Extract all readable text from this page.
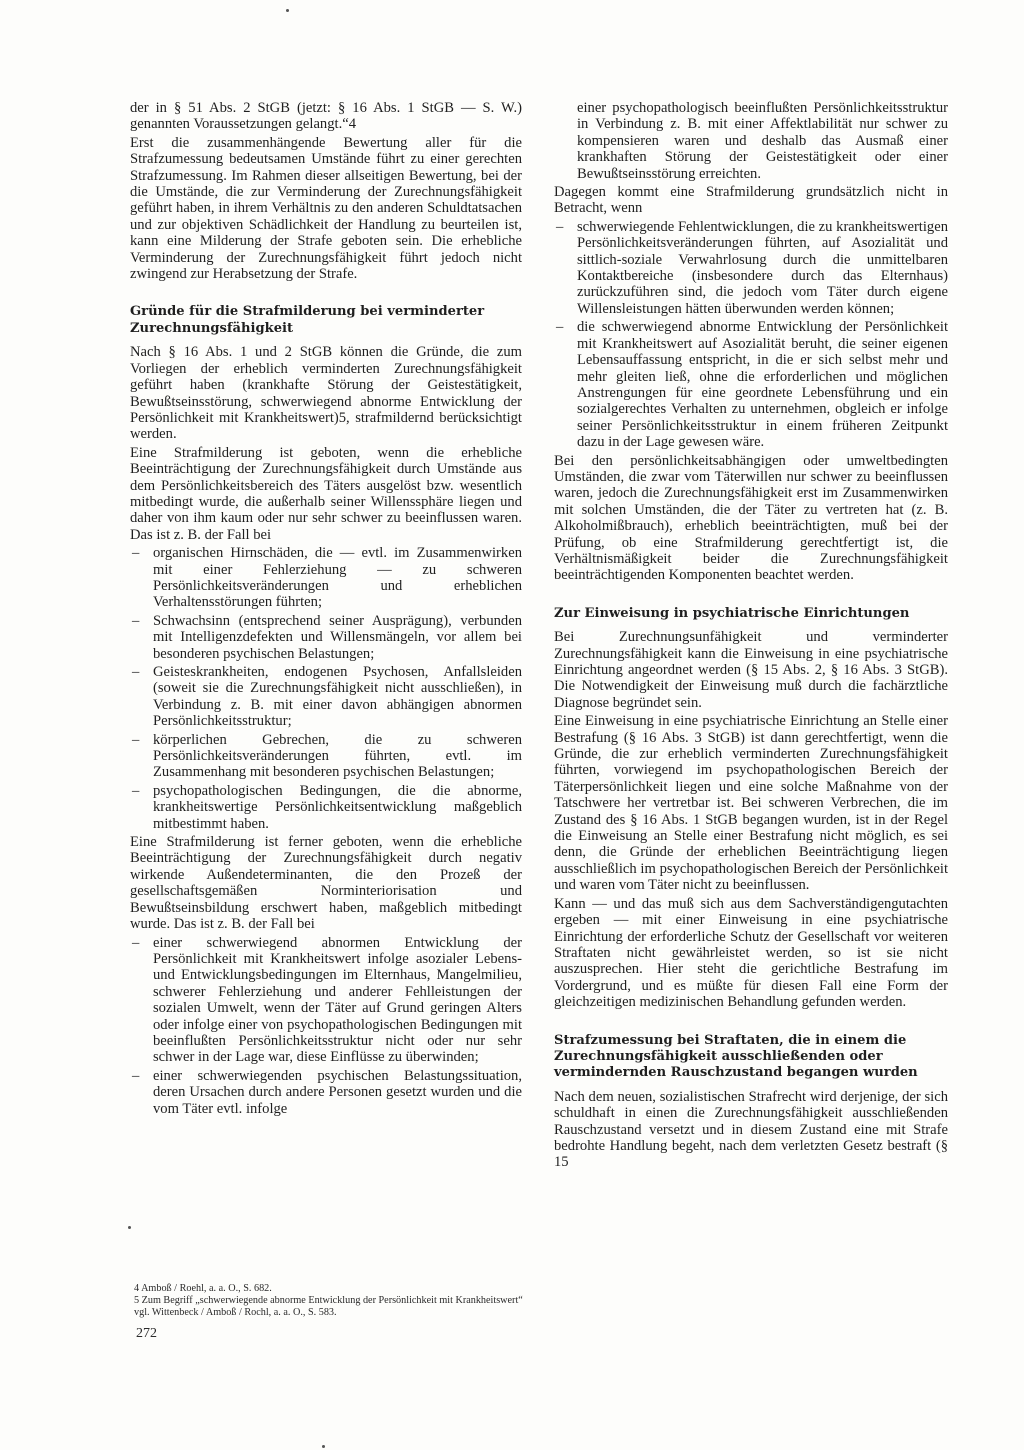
der in § 51 Abs. 2 StGB (jetzt: § 16 Abs. 1 StGB — S. W.) genannten Voraussetzungen gelangt.“4

Erst die zusammenhängende Bewertung aller für die Strafzumessung bedeutsamen Umstände führt zu einer gerechten Strafzumessung. Im Rahmen dieser allseitigen Bewertung, bei der die Umstände, die zur Verminderung der Zurechnungsfähigkeit geführt haben, in ihrem Verhältnis zu den anderen Schuldtatsachen und zur objektiven Schädlichkeit der Handlung zu beurteilen ist, kann eine Milderung der Strafe geboten sein. Die erhebliche Verminderung der Zurechnungsfähigkeit führt jedoch nicht zwingend zur Herabsetzung der Strafe.

Gründe für die Strafmilderung bei verminderter Zurechnungsfähigkeit

Nach § 16 Abs. 1 und 2 StGB können die Gründe, die zum Vorliegen der erheblich verminderten Zurechnungsfähigkeit geführt haben (krankhafte Störung der Geistestätigkeit, Bewußtseinsstörung, schwerwiegend abnorme Entwicklung der Persönlichkeit mit Krankheitswert)5, strafmildernd berücksichtigt werden.

Eine Strafmilderung ist geboten, wenn die erhebliche Beeinträchtigung der Zurechnungsfähigkeit durch Umstände aus dem Persönlichkeitsbereich des Täters ausgelöst bzw. wesentlich mitbedingt wurde, die außerhalb seiner Willenssphäre liegen und daher von ihm kaum oder nur sehr schwer zu beeinflussen waren. Das ist z. B. der Fall bei

– organischen Hirnschäden, die — evtl. im Zusammenwirken mit einer Fehlerziehung — zu schweren Persönlichkeitsveränderungen und erheblichen Verhaltensstörungen führten;
– Schwachsinn (entsprechend seiner Ausprägung), verbunden mit Intelligenzdefekten und Willensmängeln, vor allem bei besonderen psychischen Belastungen;
– Geisteskrankheiten, endogenen Psychosen, Anfallsleiden (soweit sie die Zurechnungsfähigkeit nicht ausschließen), in Verbindung z. B. mit einer davon abhängigen abnormen Persönlichkeitsstruktur;
– körperlichen Gebrechen, die zu schweren Persönlichkeitsveränderungen führten, evtl. im Zusammenhang mit besonderen psychischen Belastungen;
– psychopathologischen Bedingungen, die die abnorme, krankheitswertige Persönlichkeitsentwicklung maßgeblich mitbestimmt haben.

Eine Strafmilderung ist ferner geboten, wenn die erhebliche Beeinträchtigung der Zurechnungsfähigkeit durch negativ wirkende Außendeterminanten, die den Prozeß der gesellschaftsgemäßen Norminteriorisation und Bewußtseinsbildung erschwert haben, maßgeblich mitbedingt wurde. Das ist z. B. der Fall bei

– einer schwerwiegend abnormen Entwicklung der Persönlichkeit mit Krankheitswert infolge asozialer Lebens- und Entwicklungsbedingungen im Elternhaus, Mangelmilieu, schwerer Fehlerziehung und anderer Fehlleistungen der sozialen Umwelt, wenn der Täter auf Grund geringen Alters oder infolge einer von psychopathologischen Bedingungen mit beeinflußten Persönlichkeitsstruktur nicht oder nur sehr schwer in der Lage war, diese Einflüsse zu überwinden;
– einer schwerwiegenden psychischen Belastungssituation, deren Ursachen durch andere Personen gesetzt wurden und die vom Täter evtl. infolge

einer psychopathologisch beeinflußten Persönlichkeitsstruktur in Verbindung z. B. mit einer Affektlabilität nur schwer zu kompensieren waren und deshalb das Ausmaß einer krankhaften Störung der Geistestätigkeit oder einer Bewußtseinsstörung erreichten.

Dagegen kommt eine Strafmilderung grundsätzlich nicht in Betracht, wenn

– schwerwiegende Fehlentwicklungen, die zu krankheitswertigen Persönlichkeitsveränderungen führten, auf Asozialität und sittlich-soziale Verwahrlosung durch die unmittelbaren Kontaktbereiche (insbesondere durch das Elternhaus) zurückzuführen sind, die jedoch vom Täter durch eigene Willensleistungen hätten überwunden werden können;
– die schwerwiegend abnorme Entwicklung der Persönlichkeit mit Krankheitswert auf Asozialität beruht, die seiner eigenen Lebensauffassung entspricht, in die er sich selbst mehr und mehr gleiten ließ, ohne die erforderlichen und möglichen Anstrengungen für eine geordnete Lebensführung und ein sozialgerechtes Verhalten zu unternehmen, obgleich er infolge seiner Persönlichkeitsstruktur in einem früheren Zeitpunkt dazu in der Lage gewesen wäre.

Bei den persönlichkeitsabhängigen oder umweltbedingten Umständen, die zwar vom Täterwillen nur schwer zu beeinflussen waren, jedoch die Zurechnungsfähigkeit erst im Zusammenwirken mit solchen Umständen, die der Täter zu vertreten hat (z. B. Alkoholmißbrauch), erheblich beeinträchtigten, muß bei der Prüfung, ob eine Strafmilderung gerechtfertigt ist, die Verhältnismäßigkeit beider die Zurechnungsfähigkeit beeinträchtigenden Komponenten beachtet werden.

Zur Einweisung in psychiatrische Einrichtungen

Bei Zurechnungsunfähigkeit und verminderter Zurechnungsfähigkeit kann die Einweisung in eine psychiatrische Einrichtung angeordnet werden (§ 15 Abs. 2, § 16 Abs. 3 StGB). Die Notwendigkeit der Einweisung muß durch die fachärztliche Diagnose begründet sein.

Eine Einweisung in eine psychiatrische Einrichtung an Stelle einer Bestrafung (§ 16 Abs. 3 StGB) ist dann gerechtfertigt, wenn die Gründe, die zur erheblich verminderten Zurechnungsfähigkeit führten, vorwiegend im psychopathologischen Bereich der Täterpersönlichkeit liegen und eine solche Maßnahme von der Tatschwere her vertretbar ist. Bei schweren Verbrechen, die im Zustand des § 16 Abs. 1 StGB begangen wurden, ist in der Regel die Einweisung an Stelle einer Bestrafung nicht möglich, es sei denn, die Gründe der erheblichen Beeinträchtigung liegen ausschließlich im psychopathologischen Bereich der Persönlichkeit und waren vom Täter nicht zu beeinflussen.

Kann — und das muß sich aus dem Sachverständigengutachten ergeben — mit einer Einweisung in eine psychiatrische Einrichtung der erforderliche Schutz der Gesellschaft vor weiteren Straftaten nicht gewährleistet werden, so ist sie nicht auszusprechen. Hier steht die gerichtliche Bestrafung im Vordergrund, und es müßte für diesen Fall eine Form der gleichzeitigen medizinischen Behandlung gefunden werden.

Strafzumessung bei Straftaten, die in einem die Zurechnungsfähigkeit ausschließenden oder vermindernden Rauschzustand begangen wurden

Nach dem neuen, sozialistischen Strafrecht wird derjenige, der sich schuldhaft in einen die Zurechnungsfähigkeit ausschließenden Rauschzustand versetzt und in diesem Zustand eine mit Strafe bedrohte Handlung begeht, nach dem verletzten Gesetz bestraft (§ 15

4 Amboß / Roehl, a. a. O., S. 682.

5 Zum Begriff „schwerwiegende abnorme Entwicklung der Persönlichkeit mit Krankheitswert“ vgl. Wittenbeck / Amboß / Rochl, a. a. O., S. 583.

272
